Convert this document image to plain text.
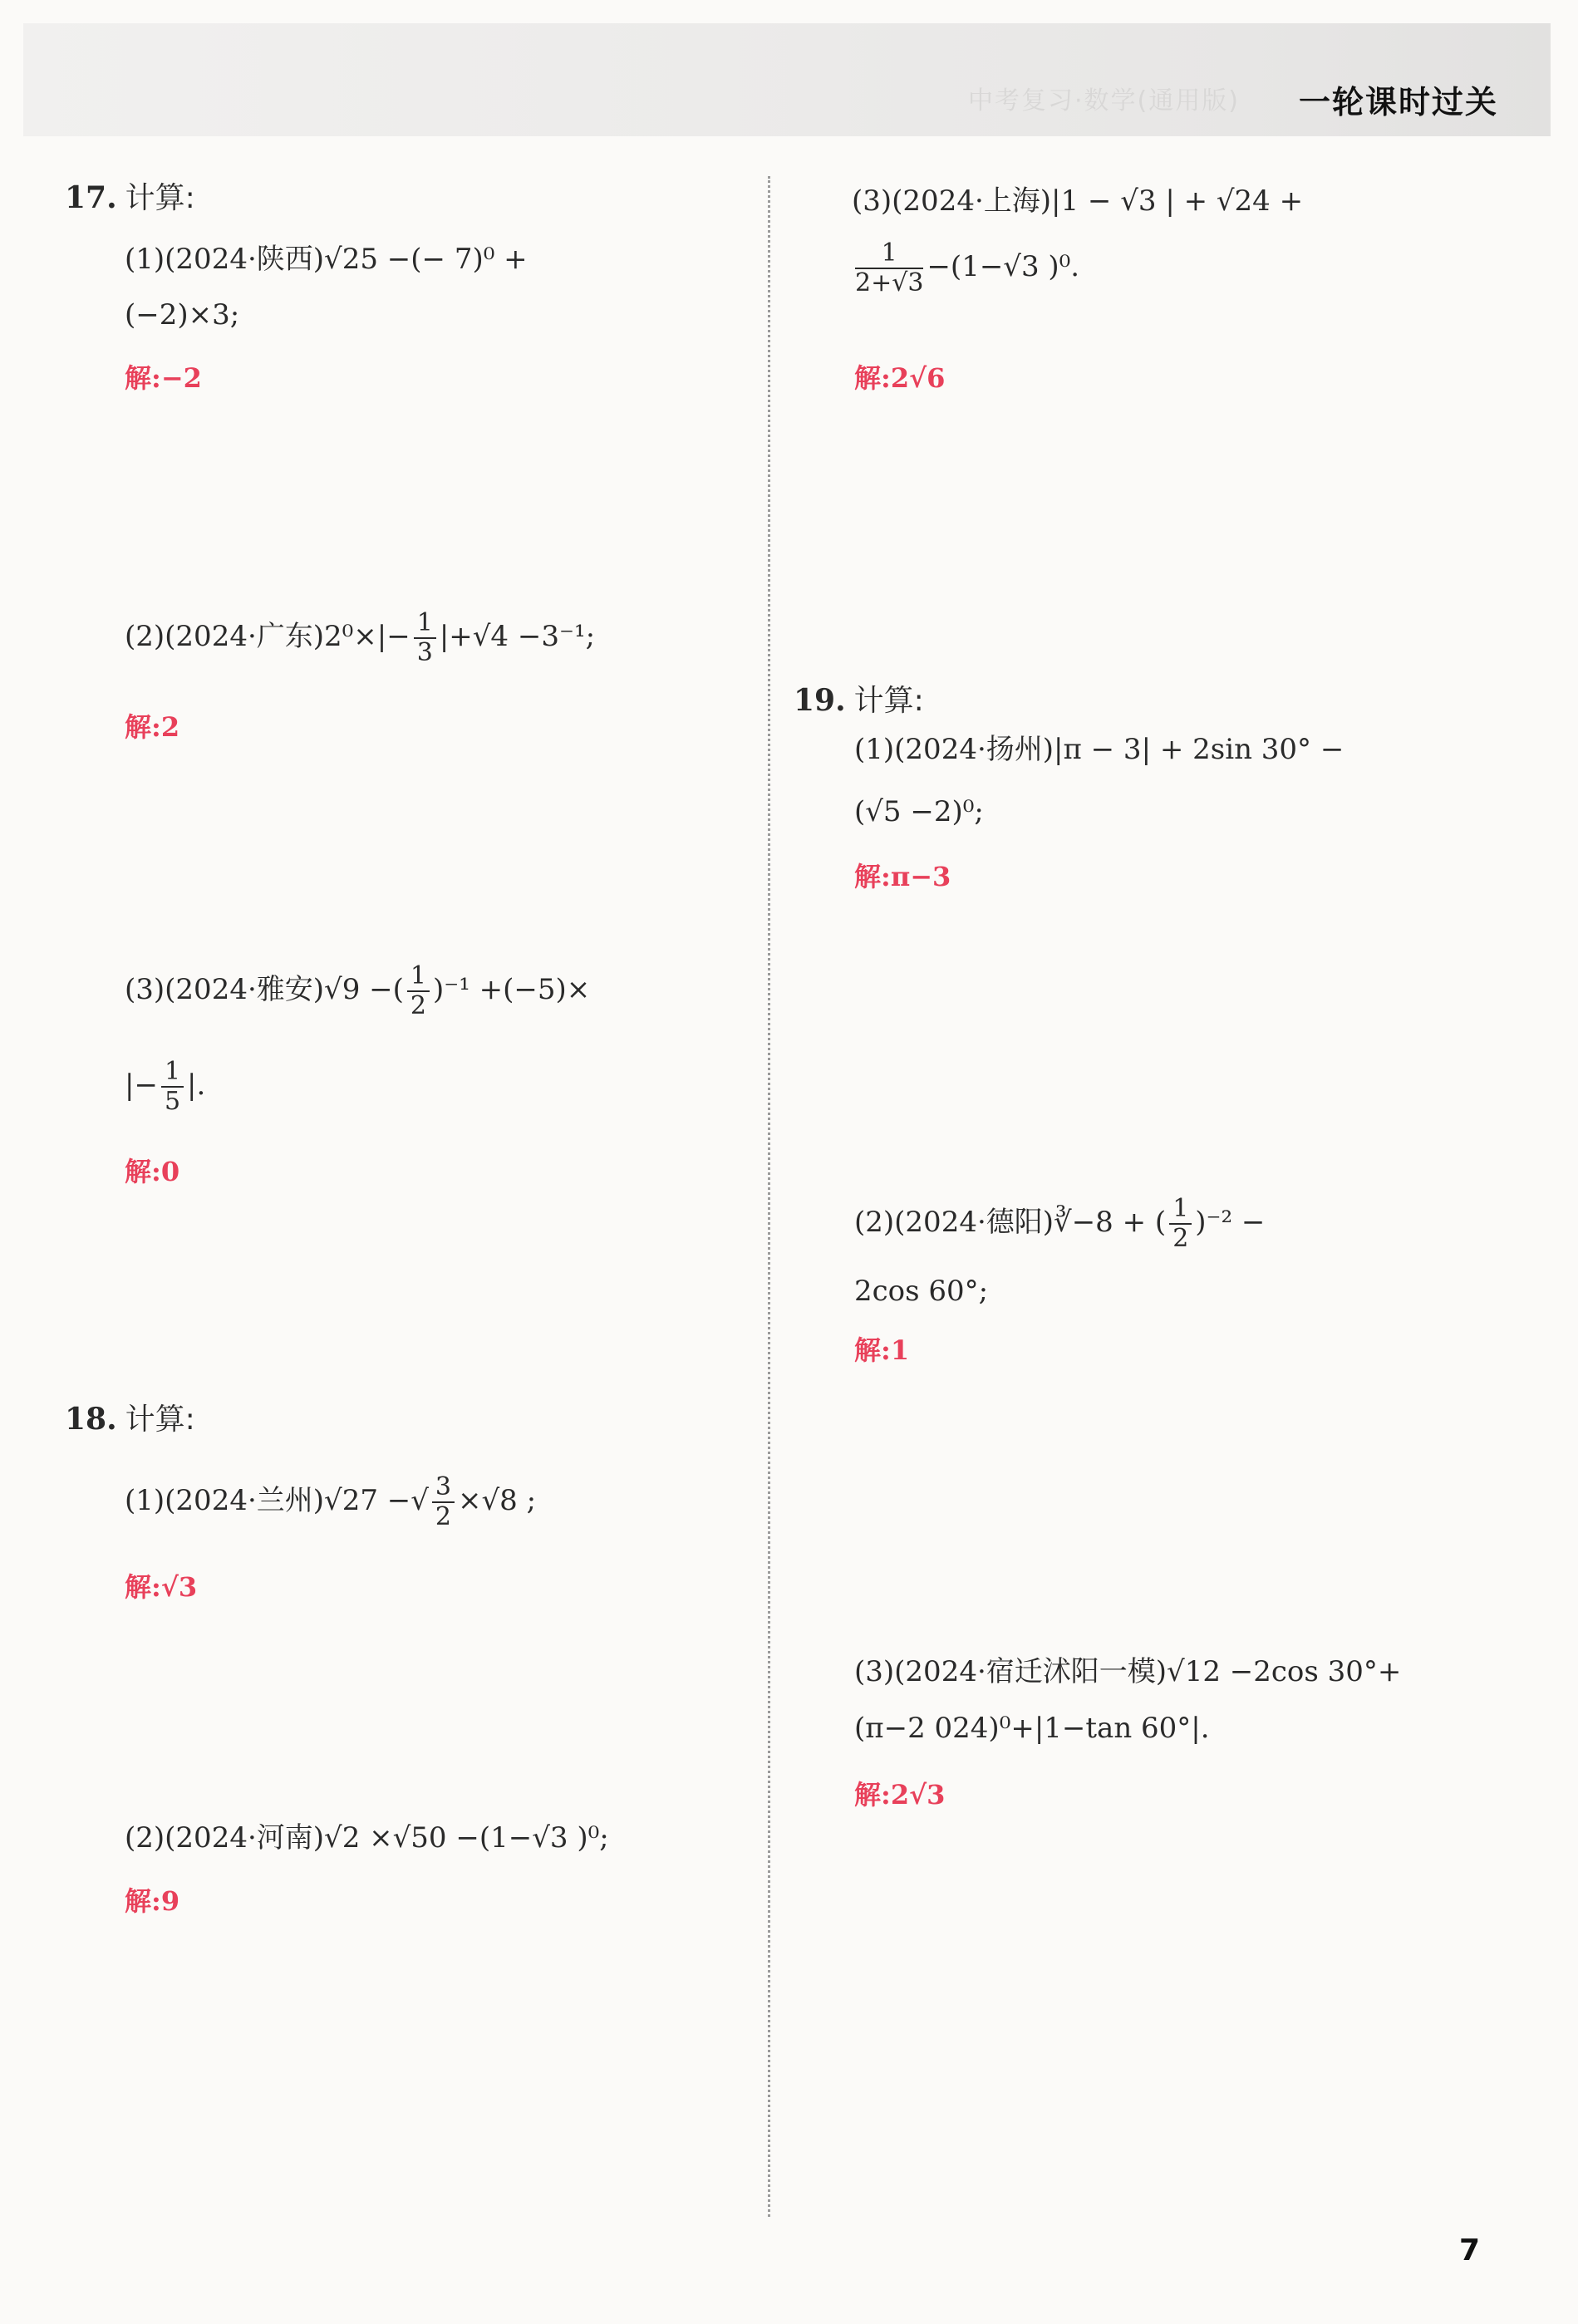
中考复习·数学(通用版) 一轮课时过关
17. 计算:
(1)(2024·陕西)√25 −(− 7)⁰ +
(−2)×3;
解:−2
(2)(2024·广东)$2^0\times|- \frac{1}{3} |+√4 -3^{-1}$;
解:2
(3)(2024·雅安)√9 −( $\frac{1}{2} )^{-1} +(-5)\times$
|− $\frac{1}{5}$ |.
解:0
18. 计算:
(1)(2024·兰州)√27 −√ $\frac{3}{2} \times√8$ ;
解:√3
(2)(2024·河南)√2 ×√50 −(1−√3 )⁰;
解:9
(3)(2024·上海)|1 − √3 | + √24 +
$\frac{1}{2+√3} -(1-√3$ )⁰.
解:2√6
19. 计算:
(1)(2024·扬州)|π − 3| + 2sin 30° −
(√5 −2)⁰;
解:π−3
(2)(2024·德阳)∛−8 + ( $\frac{1}{2} )^{-2}$ −
2cos 60°;
解:1
(3)(2024·宿迁沭阳一模)√12 −2cos 30°+
(π−2 024)⁰+|1−tan 60°|.
解:2√3
7
